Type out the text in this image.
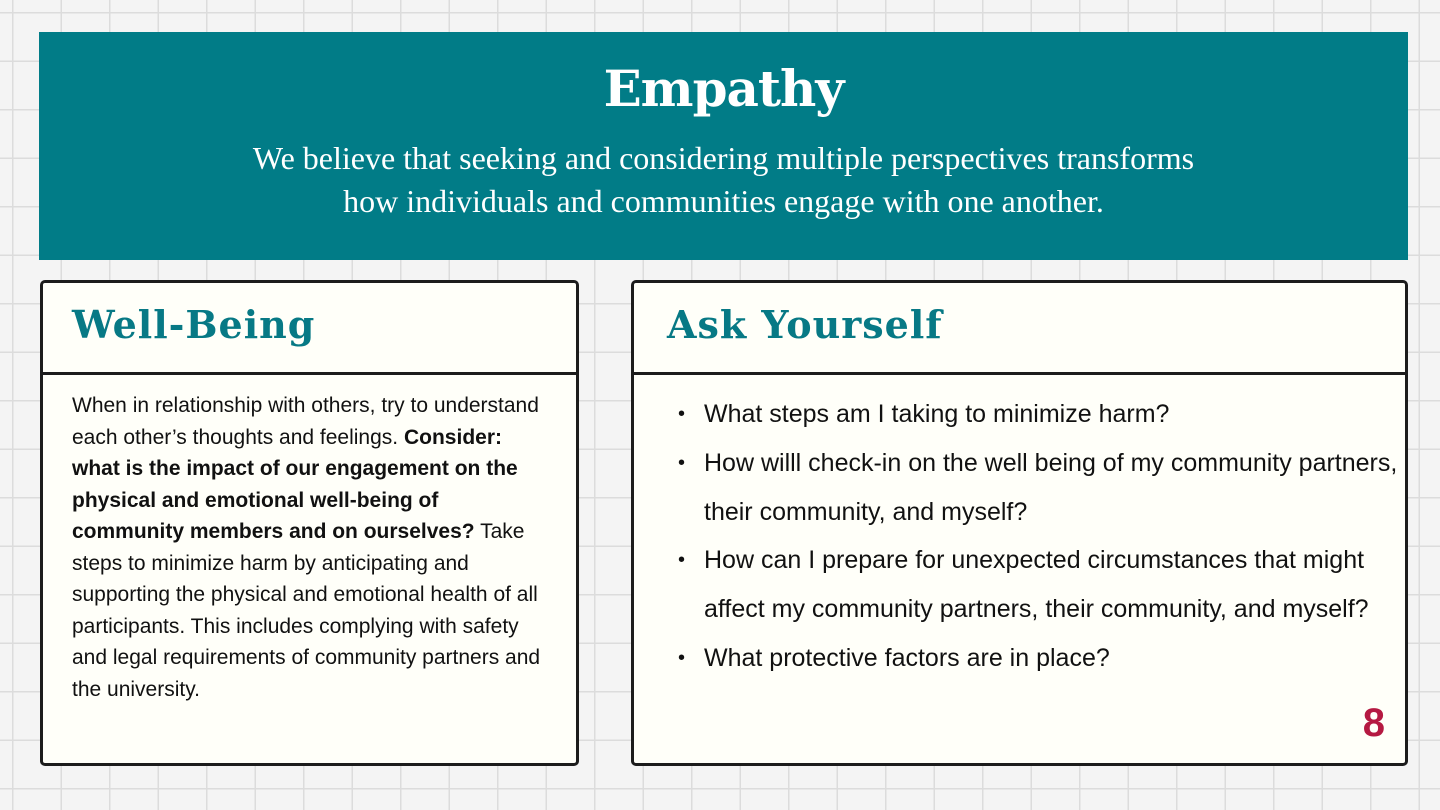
Empathy

We believe that seeking and considering multiple perspectives transforms
how individuals and communities engage with one another.

Well-Being

When in relationship with others, try to understand each other’s thoughts and feelings. Consider: what is the impact of our engagement on the physical and emotional well-being of community members and on ourselves? Take steps to minimize harm by anticipating and supporting the physical and emotional health of all participants. This includes complying with safety and legal requirements of community partners and the university.

Ask Yourself
• What steps am I taking to minimize harm?
• How willl check-in on the well being of my community partners, their community, and myself?
• How can I prepare for unexpected circumstances that might affect my community partners, their community, and myself?
• What protective factors are in place?

8
